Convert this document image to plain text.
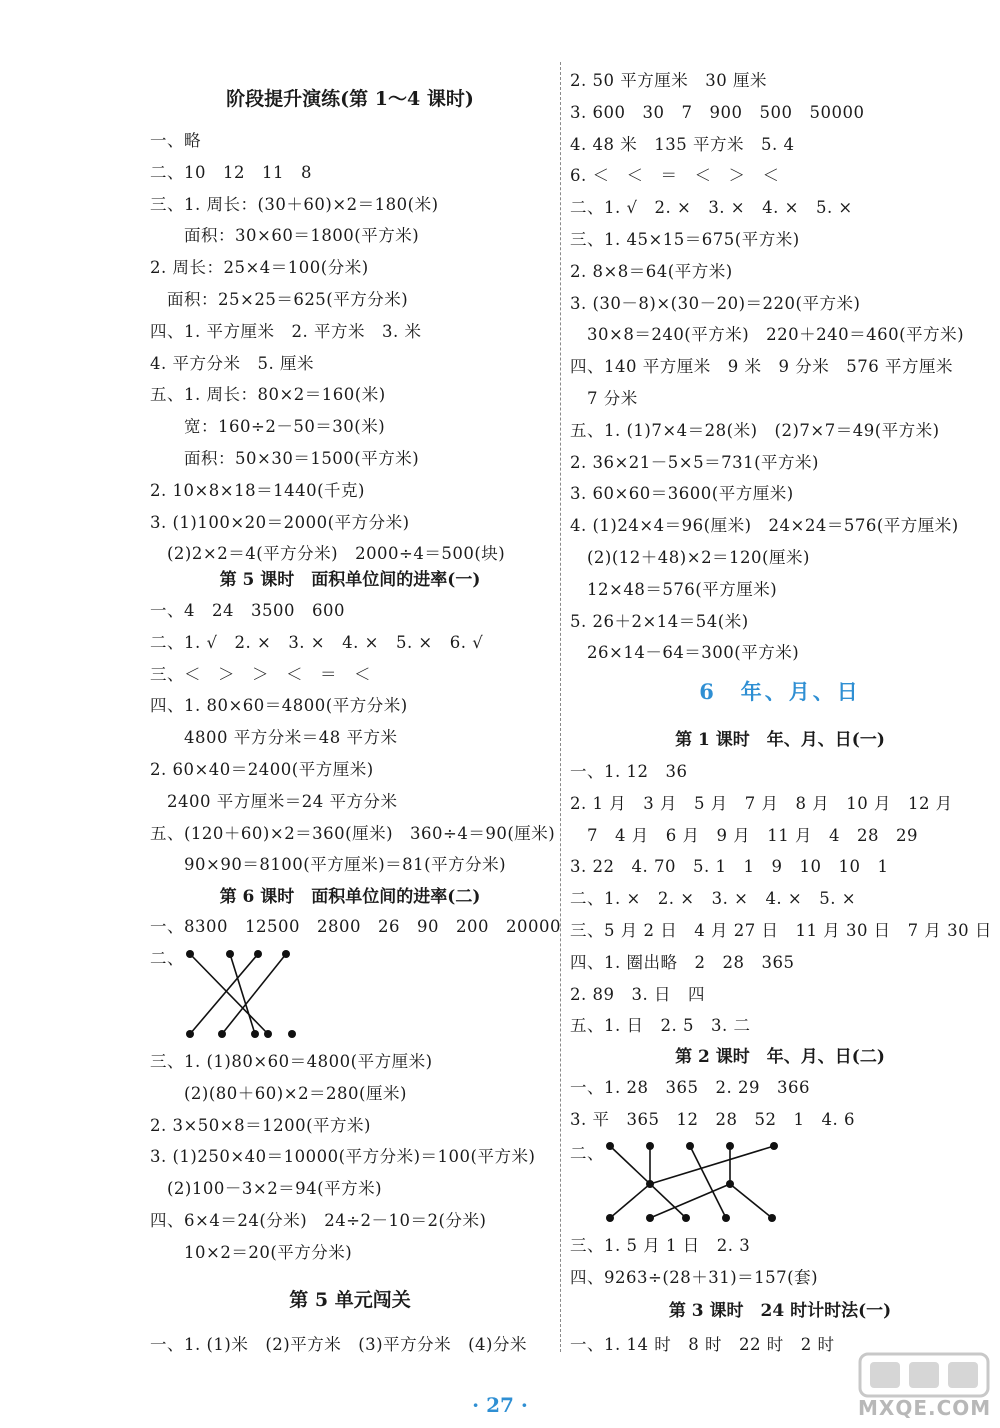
阶段提升演练(第 1～4 课时)
一、略
二、10　12　11　8
三、1. 周长：(30＋60)×2＝180(米)
　　面积：30×60＝1800(平方米)
2. 周长：25×4＝100(分米)
　面积：25×25＝625(平方分米)
四、1. 平方厘米　2. 平方米　3. 米
4. 平方分米　5. 厘米
五、1. 周长：80×2＝160(米)
　　宽：160÷2－50＝30(米)
　　面积：50×30＝1500(平方米)
2. 10×8×18＝1440(千克)
3. (1)100×20＝2000(平方分米)
　(2)2×2＝4(平方分米)　2000÷4＝500(块)
第 5 课时　面积单位间的进率(一)
一、4　24　3500　600
二、1. √　2. ×　3. ×　4. ×　5. ×　6. √
三、＜　＞　＞　＜　＝　＜
四、1. 80×60＝4800(平方分米)
　　4800 平方分米＝48 平方米
2. 60×40＝2400(平方厘米)
　2400 平方厘米＝24 平方分米
五、(120＋60)×2＝360(厘米)　360÷4＝90(厘米)
　　90×90＝8100(平方厘米)＝81(平方分米)
第 6 课时　面积单位间的进率(二)
一、8300　12500　2800　26　90　200　20000
二、
三、1. (1)80×60＝4800(平方厘米)
　　(2)(80＋60)×2＝280(厘米)
2. 3×50×8＝1200(平方米)
3. (1)250×40＝10000(平方分米)＝100(平方米)
　(2)100－3×2＝94(平方米)
四、6×4＝24(分米)　24÷2－10＝2(分米)
　　10×2＝20(平方分米)
第 5 单元闯关
一、1. (1)米　(2)平方米　(3)平方分米　(4)分米
2. 50 平方厘米　30 厘米
3. 600　30　7　900　500　50000
4. 48 米　135 平方米　5. 4
6. ＜　＜　＝　＜　＞　＜
二、1. √　2. ×　3. ×　4. ×　5. ×
三、1. 45×15＝675(平方米)
2. 8×8＝64(平方米)
3. (30－8)×(30－20)＝220(平方米)
　30×8＝240(平方米)　220＋240＝460(平方米)
四、140 平方厘米　9 米　9 分米　576 平方厘米
　7 分米
五、1. (1)7×4＝28(米)　(2)7×7＝49(平方米)
2. 36×21－5×5＝731(平方米)
3. 60×60＝3600(平方厘米)
4. (1)24×4＝96(厘米)　24×24＝576(平方厘米)
　(2)(12＋48)×2＝120(厘米)
　12×48＝576(平方厘米)
5. 26＋2×14＝54(米)
　26×14－64＝300(平方米)
6　年、月、日
第 1 课时　年、月、日(一)
一、1. 12　36
2. 1 月　3 月　5 月　7 月　8 月　10 月　12 月
　7　4 月　6 月　9 月　11 月　4　28　29
3. 22　4. 70　5. 1　1　9　10　10　1
二、1. ×　2. ×　3. ×　4. ×　5. ×
三、5 月 2 日　4 月 27 日　11 月 30 日　7 月 30 日
四、1. 圈出略　2　28　365
2. 89　3. 日　四
五、1. 日　2. 5　3. 二
第 2 课时　年、月、日(二)
一、1. 28　365　2. 29　366
3. 平　365　12　28　52　1　4. 6
二、
三、1. 5 月 1 日　2. 3
四、9263÷(28＋31)＝157(套)
第 3 课时　24 时计时法(一)
一、1. 14 时　8 时　22 时　2 时
· 27 ·	MXQE.COM
